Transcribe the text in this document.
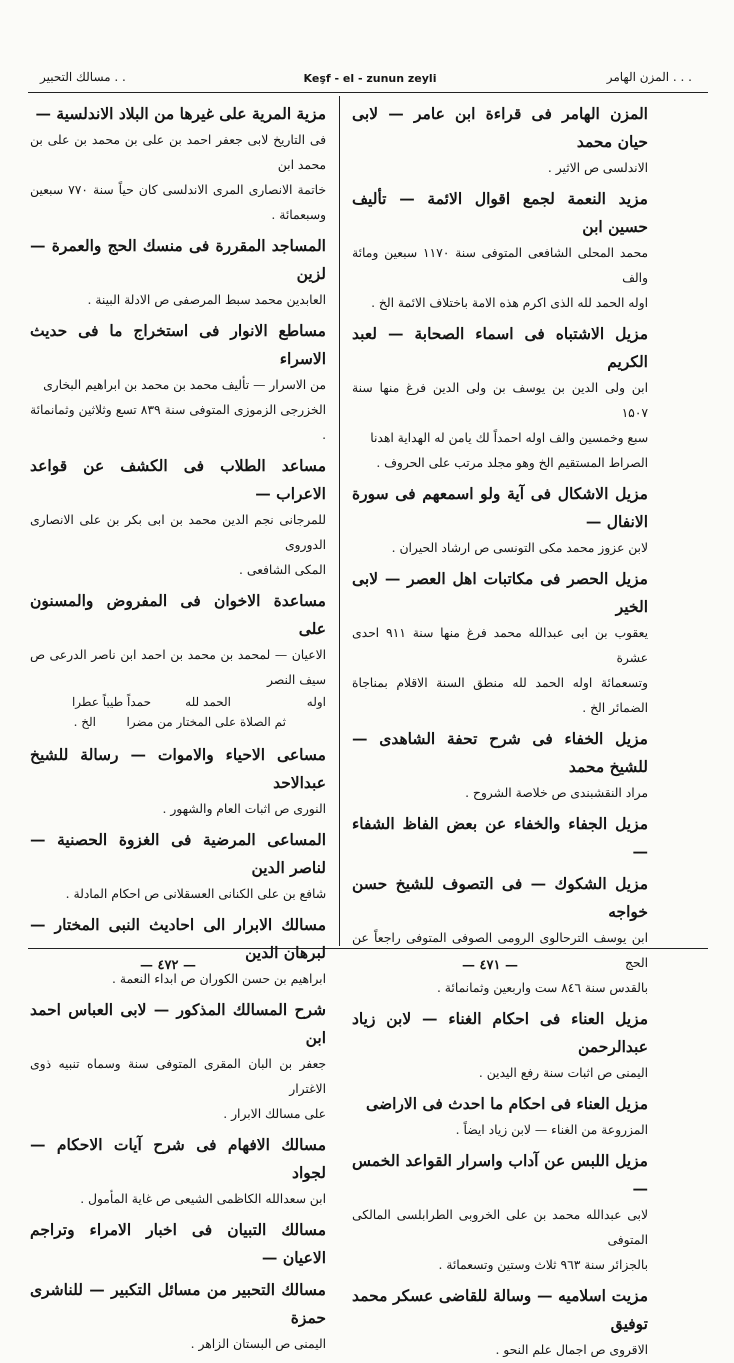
مسالك التحبير . .	Keşf - el - zunun zeyli	المزن الهامر . . .

المزن الهامر فی قراءة ابن عامر — لابی حیان محمد

الاندلسی ص الاثیر .

مزید النعمة لجمع اقوال الائمة — تألیف حسین ابن

محمد المحلی الشافعی المتوفی سنة ۱۱۷۰ سبعین ومائة والف

اوله الحمد لله الذی اکرم هذه الامة باختلاف الائمة الخ .

مزیل الاشتباه فی اسماء الصحابة — لعبد الکریم

ابن ولی الدین بن یوسف بن ولی الدین فرغ منها سنة ۱۵۰۷

سبع وخمسین والف اوله احمداً لك یامن له الهدایة اهدنا

الصراط المستقیم الخ وهو مجلد مرتب علی الحروف .

مزیل الاشکال فی آیة ولو اسمعهم فی سورة الانفال —

لابن عزوز محمد مکی التونسی ص ارشاد الحیران .

مزیل الحصر فی مکاتبات اهل العصر — لابی الخیر

یعقوب بن ابی عبدالله محمد فرغ منها سنة ۹۱۱ احدی عشرة

وتسعمائة اوله الحمد لله منطق السنة الاقلام بمناجاة الضمائر الخ .

مزیل الخفاء فی شرح تحفة الشاهدی — للشیخ محمد

مراد النقشبندی ص خلاصة الشروح .

مزیل الجفاء والخفاء عن بعض الفاظ الشفاء —

مزیل الشکوك — فی التصوف للشیخ حسن خواجه

ابن یوسف الترحالوی الرومی الصوفی المتوفی راجعاً عن الحج

بالقدس سنة ۸٤٦ ست واربعین وثمانمائة .

مزیل العناء فی احکام الغناء — لابن زیاد عبدالرحمن

الیمنی ص اثبات سنة رفع الیدین .

مزیل العناء فی احکام ما احدث فی الاراضی

المزروعة من الغناء — لابن زیاد ایضاً .

مزیل اللبس عن آداب واسرار القواعد الخمس —

لابی عبدالله محمد بن علی الخروبی الطرابلسی المالکی المتوفی

بالجزائر سنة ۹٦۳ ثلاث وستین وتسعمائة .

مزیت اسلامیه — وسالة للقاضی عسکر محمد توفیق

الاقروی ص اجمال علم النحو .

مزیة المریة علی غیرها من البلاد الاندلسیة —

فی التاریخ لابی جعفر احمد بن علی بن محمد بن علی بن محمد ابن

خاتمة الانصاری المری الاندلسی کان حیاً سنة ۷۷۰ سبعین وسبعمائة .

المساجد المقررة فی منسك الحج والعمرة — لزین

العابدین محمد سبط المرصفی ص الادلة البینة .

مساطع الانوار فی استخراج ما فی حدیث الاسراء

من الاسرار — تألیف محمد بن محمد بن ابراهیم البخاری

الخزرجی الزموزی المتوفی سنة ۸۳۹ تسع وثلاثین وثمانمائة .

مساعد الطلاب فی الکشف عن قواعد الاعراب —

للمرجانی نجم الدین محمد بن ابی بکر بن علی الانصاری الدوروی

المکی الشافعی .

مساعدة الاخوان فی المفروض والمسنون علی

الاعیان — لمحمد بن محمد بن احمد ابن ناصر الدرعی ص سیف النصر

اوله
الحمد لله
حمداً طیباً عطرا
ثم الصلاة علی المختار من مضرا
الخ .

مساعی الاحیاء والاموات — رسالة للشیخ عبدالاحد

النوری ص اثبات العام والشهور .

المساعی المرضیة فی الغزوة الحصنیة — لناصر الدین

شافع بن علی الکنانی العسقلانی ص احکام المادلة .

مسالك الابرار الی احادیث النبی المختار — لبرهان الدین

ابراهیم بن حسن الکوران ص ابداء النعمة .

شرح المسالك المذکور — لابی العباس احمد ابن

جعفر بن البان المقری المتوفی سنة وسماه تنبیه ذوی الاغترار

علی مسالك الابرار .

مسالك الافهام فی شرح آیات الاحکام — لجواد

ابن سعدالله الکاظمی الشیعی ص غایة المأمول .

مسالك التبیان فی اخبار الامراء وتراجم الاعیان —

مسالك التحبیر من مسائل التکبیر — للناشری حمزة

الیمنی ص البستان الزاهر .

— ٤۷۲ —	— ٤۷۱ —
